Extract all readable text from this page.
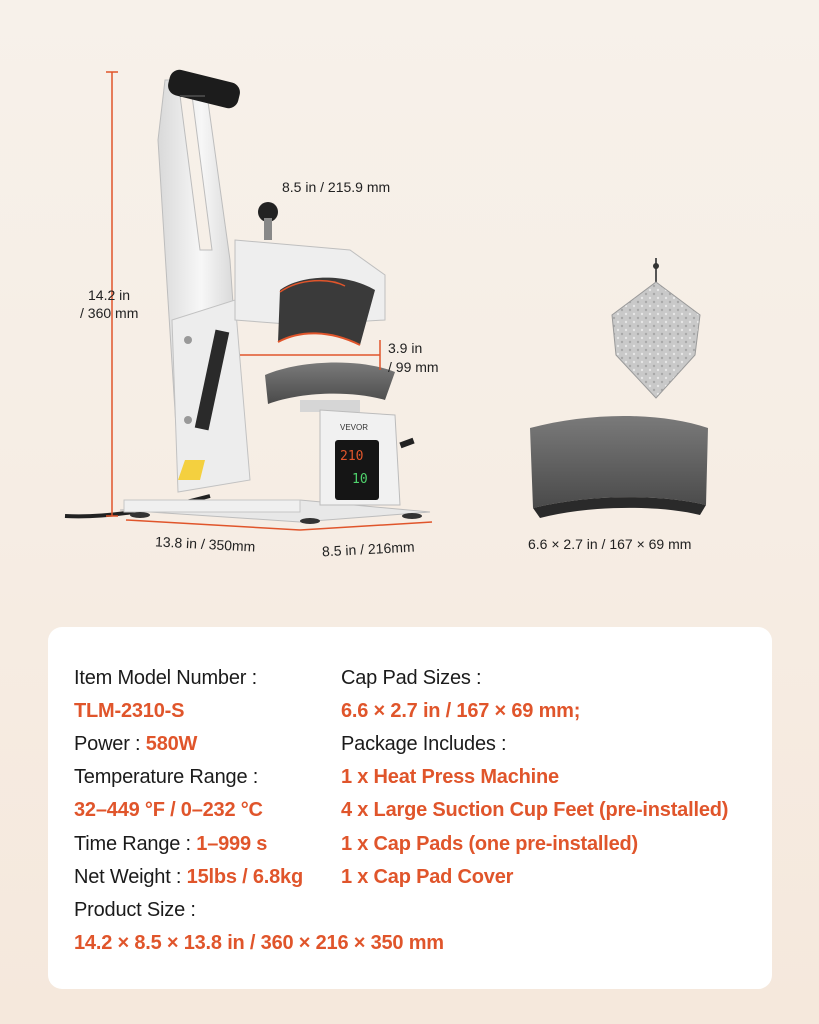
VEVOR
210
10
8.5 in / 215.9 mm
14.2 in
/ 360 mm
3.9 in
/ 99 mm
13.8 in / 350mm	8.5 in / 216mm	6.6 × 2.7 in / 167 × 69 mm
Item Model Number :
TLM-2310-S
Power : 580W
Temperature Range :
32–449 °F / 0–232 °C
Time Range : 1–999 s
Net Weight : 15lbs / 6.8kg
Product Size :
14.2 × 8.5 × 13.8 in / 360 × 216 × 350 mm
Cap Pad Sizes :
6.6 × 2.7 in / 167 × 69 mm;
Package Includes :
1 x Heat Press Machine
4 x Large Suction Cup Feet (pre-installed)
1 x Cap Pads (one pre-installed)
1 x Cap Pad Cover
